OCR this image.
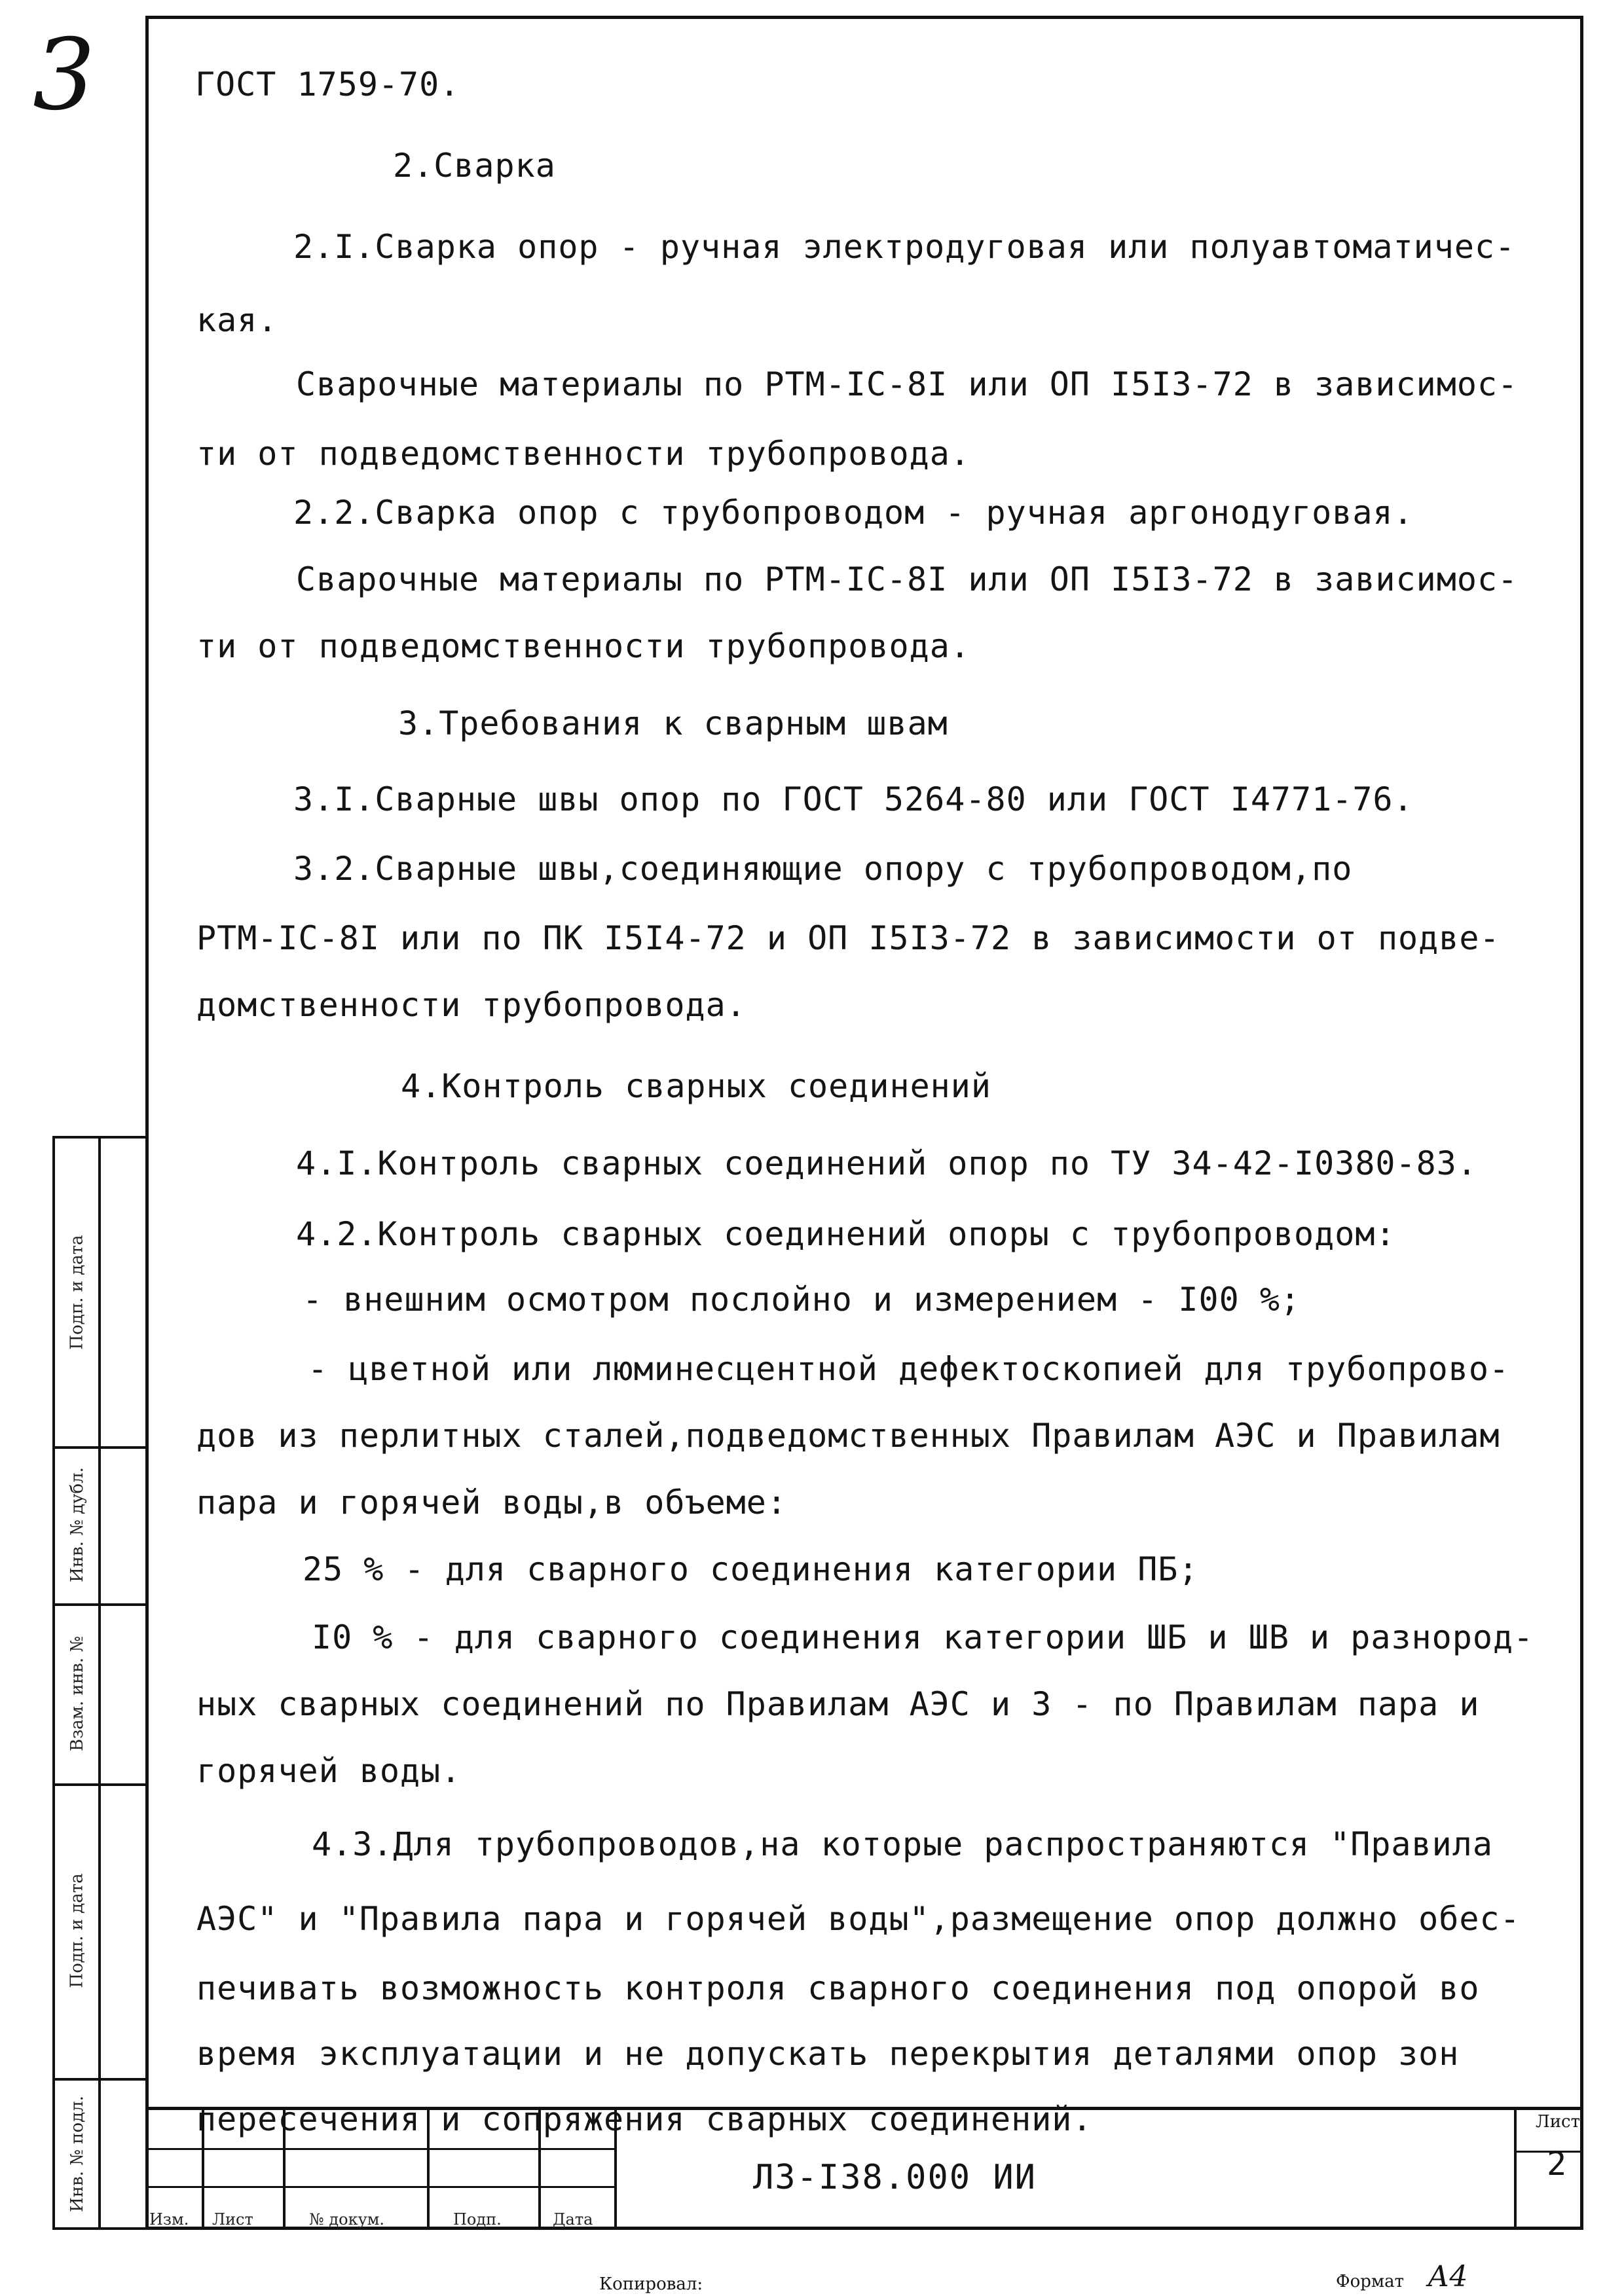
3	ГОСТ 1759-70.
2.Сварка
2.I.Сварка опор - ручная электродуговая или полуавтоматичес-
кая.
Сварочные материалы по РТМ-IС-8I или ОП I5I3-72 в зависимос-
ти от подведомственности трубопровода.
2.2.Сварка опор с трубопроводом - ручная аргонодуговая.
Сварочные материалы по РТМ-IС-8I или ОП I5I3-72 в зависимос-
ти от подведомственности трубопровода.
3.Требования к сварным швам
3.I.Сварные швы опор по ГОСТ 5264-80 или ГОСТ I4771-76.
3.2.Сварные швы,соединяющие опору с трубопроводом,по
РТМ-IС-8I или по ПК I5I4-72 и ОП I5I3-72 в зависимости от подве-
домственности трубопровода.
4.Контроль сварных соединений
4.I.Контроль сварных соединений опор по ТУ 34-42-I0380-83.
4.2.Контроль сварных соединений опоры с трубопроводом:
- внешним осмотром послойно и измерением - I00 %;
- цветной или люминесцентной дефектоскопией для трубопрово-
дов из перлитных сталей,подведомственных Правилам АЭС и Правилам
пара и горячей воды,в объеме:
25 % - для сварного соединения категории ПБ;
I0 % - для сварного соединения категории ШБ и ШВ и разнород-
ных сварных соединений по Правилам АЭС и 3 - по Правилам пара и
горячей воды.
4.3.Для трубопроводов,на которые распространяются "Правила
АЭС" и "Правила пара и горячей воды",размещение опор должно обес-
печивать возможность контроля сварного соединения под опорой во
время эксплуатации и не допускать перекрытия деталями опор зон
пересечения и сопряжения сварных соединений.
Подп. и дата
Инв. № дубл.
Взам. инв. №
Подп. и дата
Инв. № подл.
Изм. Лист	№ докум.	Подп.	Дата
ЛЗ-I38.000 ИИ
Лист
2
Копировал:	Формат А4
